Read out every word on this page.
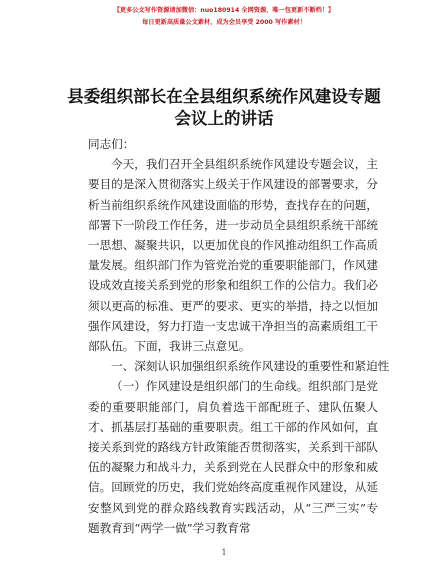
【更多公文写作资源请加微信：nuo180914 全网资源，唯一包更新不断档！】
每日更新高质量公文素材，成为会员享受 2000 写作素材！
县委组织部长在全县组织系统作风建设专题会议上的讲话

同志们：

今天，我们召开全县组织系统作风建设专题会议，主要目的是深入贯彻落实上级关于作风建设的部署要求，分析当前组织系统作风建设面临的形势，查找存在的问题，部署下一阶段工作任务，进一步动员全县组织系统干部统一思想、凝聚共识，以更加优良的作风推动组织工作高质量发展。组织部门作为管党治党的重要职能部门，作风建设成效直接关系到党的形象和组织工作的公信力。我们必须以更高的标准、更严的要求、更实的举措，持之以恒加强作风建设，努力打造一支忠诚干净担当的高素质组工干部队伍。下面，我讲三点意见。

一、深刻认识加强组织系统作风建设的重要性和紧迫性

（一）作风建设是组织部门的生命线。组织部门是党委的重要职能部门，肩负着选干部配班子、建队伍聚人才、抓基层打基础的重要职责。组工干部的作风如何，直接关系到党的路线方针政策能否贯彻落实，关系到干部队伍的凝聚力和战斗力，关系到党在人民群众中的形象和威信。回顾党的历史，我们党始终高度重视作风建设，从延安整风到党的群众路线教育实践活动，从“三严三实”专题教育到“两学一做”学习教育常

1
